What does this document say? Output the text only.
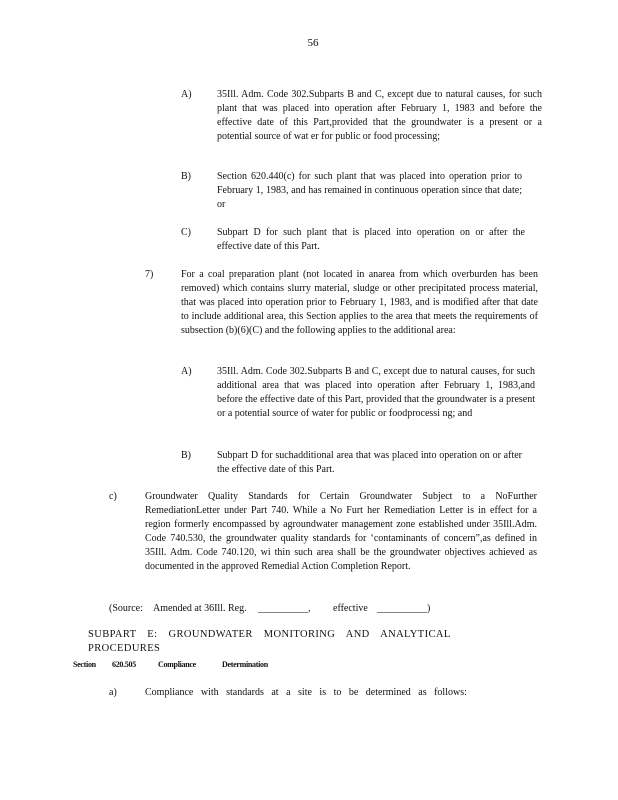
56
A)	35Ill. Adm. Code 302.Subparts B and C, except due to natural causes, for such plant that was placed into operation after February 1, 1983 and before the effective date of this Part,provided that the groundwater is a present or a potential source of wat er for public or food processing;
B)	Section 620.440(c) for such plant that was placed into operation prior to February 1, 1983, and has remained in continuous operation since that date; or
C)	Subpart D for such plant that is placed into operation on or after the effective date of this Part.
7)	For a coal preparation plant (not located in anarea from which overburden has been removed) which contains slurry material, sludge or other precipitated process material, that was placed into operation prior to February 1, 1983, and is modified after that date to include additional area, this Section applies to the area that meets the requirements of subsection (b)(6)(C) and the following applies to the additional area:
A)	35Ill. Adm. Code 302.Subparts B and C, except due to natural causes, for such additional area that was placed into operation after February 1, 1983,and before the effective date of this Part, provided that the groundwater is a present or a potential source of water for public or foodprocessi ng; and
B)	Subpart D for suchadditional area that was placed into operation on or after the effective date of this Part.
c)	Groundwater Quality Standards for Certain Groundwater Subject to a NoFurther RemediationLetter under Part 740. While a No Furt her Remediation Letter is in effect for a region formerly encompassed by agroundwater management zone established under 35Ill.Adm. Code 740.530, the groundwater quality standards for ‘contaminants of concern”,as defined in 35Ill. Adm. Code 740.120, wi thin such area shall be the groundwater objectives achieved as documented in the approved Remedial Action Completion Report.
(Source: Amended at 36Ill. Reg. __________, effective __________)
SUBPART E: GROUNDWATER MONITORING AND ANALYTICAL PROCEDURES
Section 620.505	Compliance	Determination
a)	Compliance with standards at a site is to be determined as follows:
